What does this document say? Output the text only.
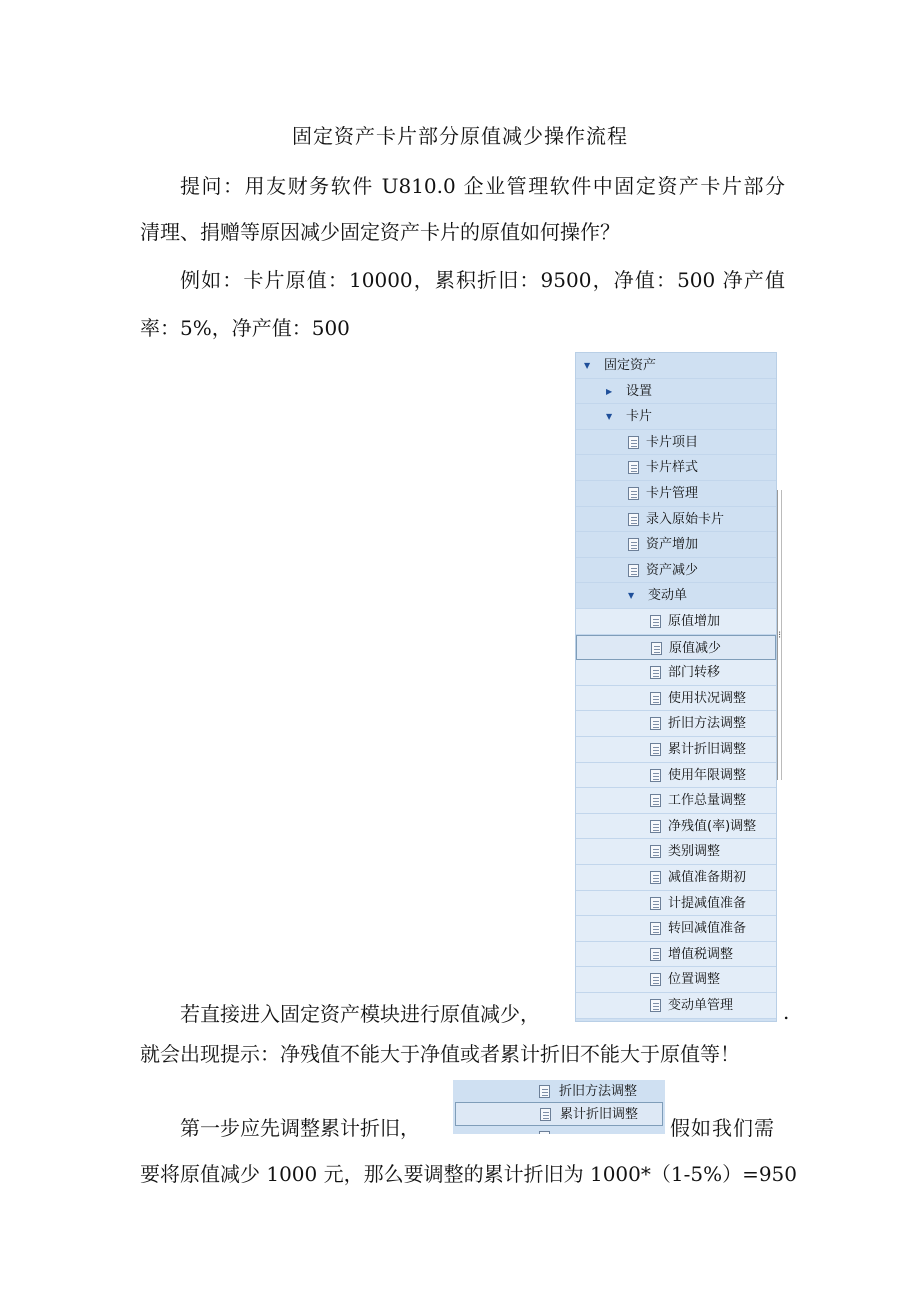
固定资产卡片部分原值减少操作流程
提问：用友财务软件 U810.0 企业管理软件中固定资产卡片部分
清理、捐赠等原因减少固定资产卡片的原值如何操作？
例如：卡片原值：10000，累积折旧：9500，净值：500 净产值
率：5%，净产值：500
▼ 固定资产
▶ 设置
▼ 卡片
卡片项目
卡片样式
卡片管理
录入原始卡片
资产增加
资产减少
▼ 变动单
原值增加
原值减少
部门转移
使用状况调整
折旧方法调整
累计折旧调整
使用年限调整
工作总量调整
净残值(率)调整
类别调整
减值准备期初
计提减值准备
转回减值准备
增值税调整
位置调整
变动单管理
⁝
若直接进入固定资产模块进行原值减少，	.
就会出现提示：净残值不能大于净值或者累计折旧不能大于原值等！
折旧方法调整
累计折旧调整
第一步应先调整累计折旧，	假如我们需
要将原值减少 1000 元，那么要调整的累计折旧为 1000*（1-5%）=950
